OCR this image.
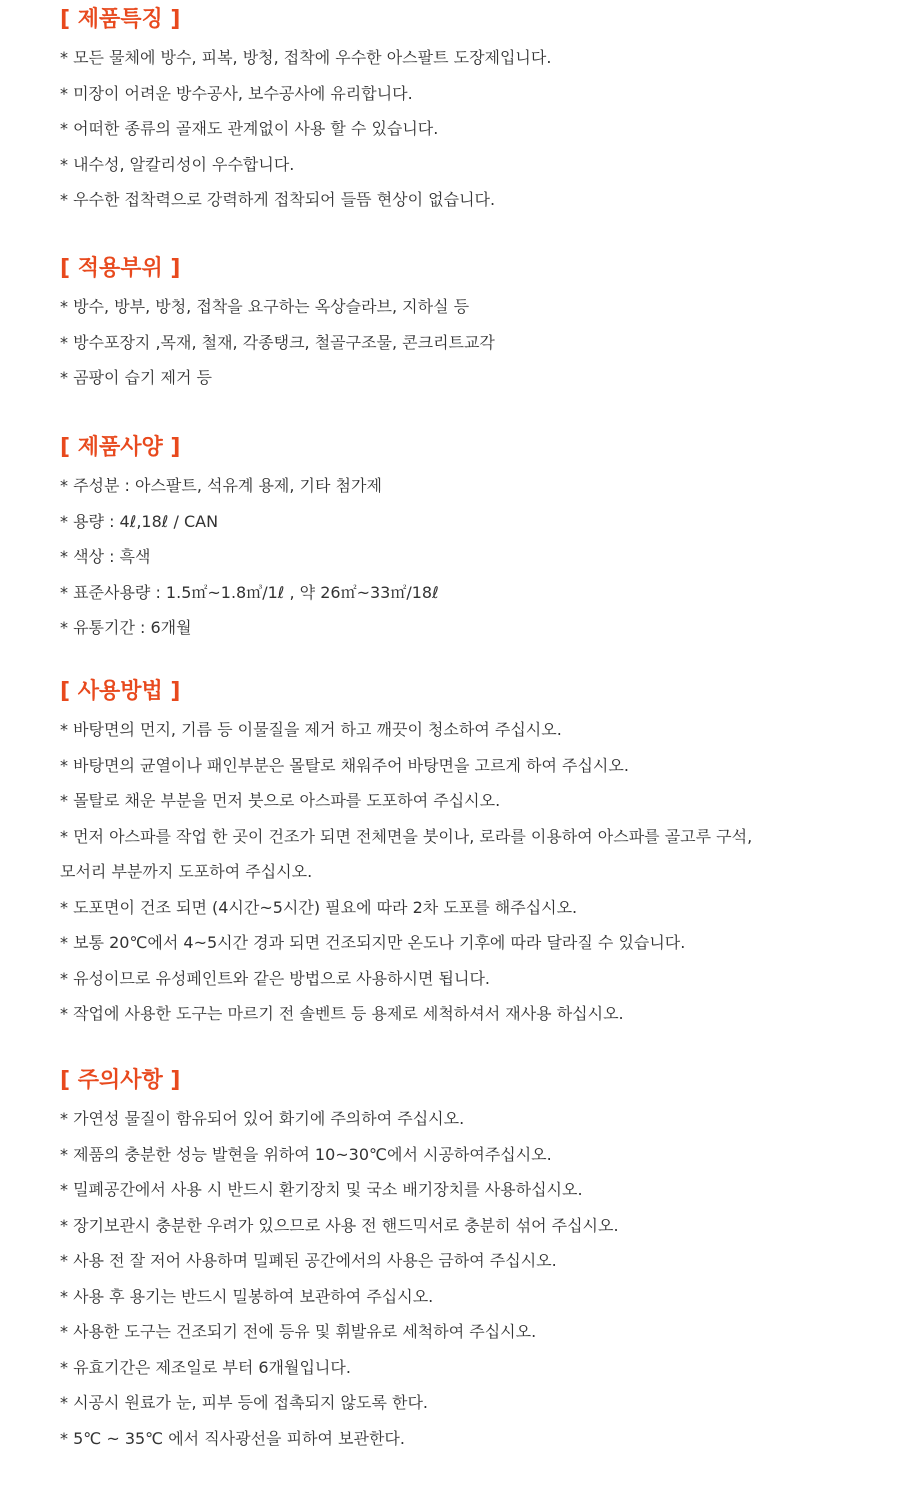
[ 제품특징 ]

* 모든 물체에 방수, 피복, 방청, 접착에 우수한 아스팔트 도장제입니다.

* 미장이 어려운 방수공사, 보수공사에 유리합니다.

* 어떠한 종류의 골재도 관계없이 사용 할 수 있습니다.

* 내수성, 알칼리성이 우수합니다.

* 우수한 접착력으로 강력하게 접착되어 들뜸 현상이 없습니다.

[ 적용부위 ]

* 방수, 방부, 방청, 접착을 요구하는 옥상슬라브, 지하실 등

* 방수포장지 ,목재, 철재, 각종탱크, 철골구조물, 콘크리트교각

* 곰팡이 습기 제거 등

[ 제품사양 ]

* 주성분 : 아스팔트, 석유계 용제, 기타 첨가제

* 용량 : 4ℓ,18ℓ / CAN

* 색상 : 흑색

* 표준사용량 : 1.5㎡~1.8㎥/1ℓ , 약 26㎡~33㎡/18ℓ

* 유통기간 : 6개월

[ 사용방법 ]

* 바탕면의 먼지, 기름 등 이물질을 제거 하고 깨끗이 청소하여 주십시오.

* 바탕면의 균열이나 패인부분은 몰탈로 채워주어 바탕면을 고르게 하여 주십시오.

* 몰탈로 채운 부분을 먼저 붓으로 아스파를 도포하여 주십시오.

* 먼저 아스파를 작업 한 곳이 건조가 되면 전체면을 붓이나, 로라를 이용하여 아스파를 골고루 구석,

모서리 부분까지 도포하여 주십시오.

* 도포면이 건조 되면 (4시간~5시간) 필요에 따라 2차 도포를 해주십시오.

* 보통 20℃에서 4~5시간 경과 되면 건조되지만 온도나 기후에 따라 달라질 수 있습니다.

* 유성이므로 유성페인트와 같은 방법으로 사용하시면 됩니다.

* 작업에 사용한 도구는 마르기 전 솔벤트 등 용제로 세척하셔서 재사용 하십시오.

[ 주의사항 ]

* 가연성 물질이 함유되어 있어 화기에 주의하여 주십시오.

* 제품의 충분한 성능 발현을 위하여 10~30℃에서 시공하여주십시오.

* 밀폐공간에서 사용 시 반드시 환기장치 및 국소 배기장치를 사용하십시오.

* 장기보관시 충분한 우려가 있으므로 사용 전 핸드믹서로 충분히 섞어 주십시오.

* 사용 전 잘 저어 사용하며 밀폐된 공간에서의 사용은 금하여 주십시오.

* 사용 후 용기는 반드시 밀봉하여 보관하여 주십시오.

* 사용한 도구는 건조되기 전에 등유 및 휘발유로 세척하여 주십시오.

* 유효기간은 제조일로 부터 6개월입니다.

* 시공시 원료가 눈, 피부 등에 접촉되지 않도록 한다.

* 5℃ ~ 35℃ 에서 직사광선을 피하여 보관한다.
